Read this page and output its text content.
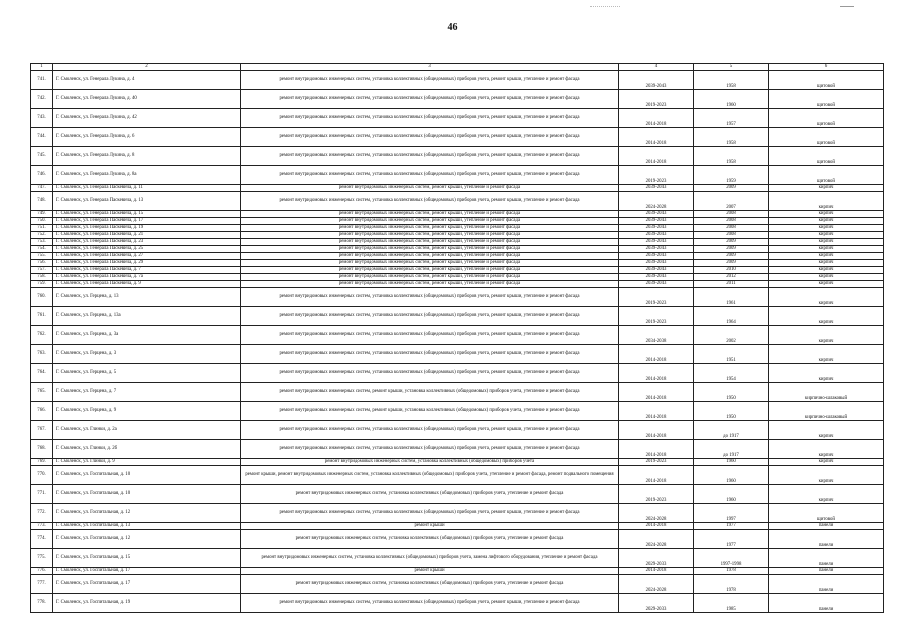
46
1	2	3	4	5	6
741.	Г. Смоленск, ул. Генерала Лукина, д. 4	ремонт внутридомовых инженерных систем, установка коллективных (общедомовых) приборов учета, ремонт крыши, утепление и ремонт фасада	2039-2043	1958	щитовой
742.	Г. Смоленск, ул. Генерала Лукина, д. 40	ремонт внутридомовых инженерных систем, установка коллективных (общедомовых) приборов учета, ремонт крыши, утепление и ремонт фасада	2019-2023	1960	щитовой
743.	Г. Смоленск, ул. Генерала Лукина, д. 42	ремонт внутридомовых инженерных систем, установка коллективных (общедомовых) приборов учета, ремонт крыши, утепление и ремонт фасада	2014-2018	1957	щитовой
744.	Г. Смоленск, ул. Генерала Лукина, д. 6	ремонт внутридомовых инженерных систем, установка коллективных (общедомовых) приборов учета, ремонт крыши, утепление и ремонт фасада	2014-2018	1958	щитовой
745.	Г. Смоленск, ул. Генерала Лукина, д. 8	ремонт внутридомовых инженерных систем, установка коллективных (общедомовых) приборов учета, ремонт крыши, утепление и ремонт фасада	2014-2018	1958	щитовой
746.	Г. Смоленск, ул. Генерала Лукина, д. 8а	ремонт внутридомовых инженерных систем, установка коллективных (общедомовых) приборов учета, ремонт крыши, утепление и ремонт фасада	2019-2023	1959	щитовой
747.	Г. Смоленск, ул. Генерала Паскевича, д. 11	ремонт внутридомовых инженерных систем, ремонт крыши, утепление и ремонт фасада	2039-2043	2009	кирпич
748.	Г. Смоленск, ул. Генерала Паскевича, д. 13	ремонт внутридомовых инженерных систем, установка коллективных (общедомовых) приборов учета, ремонт крыши, утепление и ремонт фасада	2024-2028	2007	кирпич
749.	Г. Смоленск, ул. Генерала Паскевича, д. 15	ремонт внутридомовых инженерных систем, ремонт крыши, утепление и ремонт фасада	2039-2043	2008	кирпич
750.	Г. Смоленск, ул. Генерала Паскевича, д. 17	ремонт внутридомовых инженерных систем, ремонт крыши, утепление и ремонт фасада	2039-2043	2008	кирпич
751.	Г. Смоленск, ул. Генерала Паскевича, д. 19	ремонт внутридомовых инженерных систем, ремонт крыши, утепление и ремонт фасада	2039-2043	2008	кирпич
752.	Г. Смоленск, ул. Генерала Паскевича, д. 21	ремонт внутридомовых инженерных систем, ремонт крыши, утепление и ремонт фасада	2039-2043	2008	кирпич
753.	Г. Смоленск, ул. Генерала Паскевича, д. 23	ремонт внутридомовых инженерных систем, ремонт крыши, утепление и ремонт фасада	2039-2043	2009	кирпич
754.	Г. Смоленск, ул. Генерала Паскевича, д. 25	ремонт внутридомовых инженерных систем, ремонт крыши, утепление и ремонт фасада	2039-2043	2009	кирпич
755.	Г. Смоленск, ул. Генерала Паскевича, д. 27	ремонт внутридомовых инженерных систем, ремонт крыши, утепление и ремонт фасада	2039-2043	2009	кирпич
756.	Г. Смоленск, ул. Генерала Паскевича, д. 29	ремонт внутридомовых инженерных систем, ремонт крыши, утепление и ремонт фасада	2039-2043	2009	кирпич
757.	Г. Смоленск, ул. Генерала Паскевича, д. 7	ремонт внутридомовых инженерных систем, ремонт крыши, утепление и ремонт фасада	2039-2043	2010	кирпич
758.	Г. Смоленск, ул. Генерала Паскевича, д. 7а	ремонт внутридомовых инженерных систем, ремонт крыши, утепление и ремонт фасада	2039-2043	2012	кирпич
759.	Г. Смоленск, ул. Генерала Паскевича, д. 9	ремонт внутридомовых инженерных систем, ремонт крыши, утепление и ремонт фасада	2039-2043	2011	кирпич
760.	Г. Смоленск, ул. Герцена, д. 13	ремонт внутридомовых инженерных систем, установка коллективных (общедомовых) приборов учета, ремонт крыши, утепление и ремонт фасада	2019-2023	1961	кирпич
761.	Г. Смоленск, ул. Герцена, д. 13а	ремонт внутридомовых инженерных систем, установка коллективных (общедомовых) приборов учета, ремонт крыши, утепление и ремонт фасада	2019-2023	1964	кирпич
762.	Г. Смоленск, ул. Герцена, д. 3а	ремонт внутридомовых инженерных систем, установка коллективных (общедомовых) приборов учета, ремонт крыши, утепление и ремонт фасада	2034-2038	2002	кирпич
763.	Г. Смоленск, ул. Герцена, д. 3	ремонт внутридомовых инженерных систем, установка коллективных (общедомовых) приборов учета, ремонт крыши, утепление и ремонт фасада	2014-2018	1951	кирпич
764.	Г. Смоленск, ул. Герцена, д. 5	ремонт внутридомовых инженерных систем, установка коллективных (общедомовых) приборов учета, ремонт крыши, утепление и ремонт фасада	2014-2018	1954	кирпич
765.	Г. Смоленск, ул. Герцена, д. 7	ремонт внутридомовых инженерных систем, ремонт крыши, установка коллективных (общедомовых) приборов учета, утепление и ремонт фасада	2014-2018	1950	кирпично-шлаковый
766.	Г. Смоленск, ул. Герцена, д. 9	ремонт внутридомовых инженерных систем, ремонт крыши, установка коллективных (общедомовых) приборов учета, утепление и ремонт фасада	2014-2018	1950	кирпично-шлаковый
767.	Г. Смоленск, ул. Глинки, д. 2а	ремонт внутридомовых инженерных систем, установка коллективных (общедомовых) приборов учета, ремонт крыши, утепление и ремонт фасада	2014-2018	до 1917	кирпич
768.	Г. Смоленск, ул. Глинки, д. 2б	ремонт внутридомовых инженерных систем, установка коллективных (общедомовых) приборов учета, ремонт крыши, утепление и ремонт фасада	2014-2018	до 1917	кирпич
769.	Г. Смоленск, ул. Глинки, д. 9	ремонт внутридомовых инженерных систем, установка коллективных (общедомовых) приборов учета	2019-2023	1960	кирпич
770.	Г. Смоленск, ул. Госпитальная, д. 10	ремонт крыши, ремонт внутридомовых инженерных систем, установка коллективных (общедомовых) приборов учета, утепление и ремонт фасада, ремонт подвального помещения	2014-2018	1960	кирпич
771.	Г. Смоленск, ул. Госпитальная, д. 10	ремонт внутридомовых инженерных систем, установка коллективных (общедомовых) приборов учета, утепление и ремонт фасада	2019-2023	1960	кирпич
772.	Г. Смоленск, ул. Госпитальная, д. 12	ремонт внутридомовых инженерных систем, установка коллективных (общедомовых) приборов учета, ремонт крыши, утепление и ремонт фасада	2024-2028	1997	щитовой
773.	Г. Смоленск, ул. Госпитальная, д. 13	ремонт крыши	2014-2018	1977	панели
774.	Г. Смоленск, ул. Госпитальная, д. 12	ремонт внутридомовых инженерных систем, установка коллективных (общедомовых) приборов учета, утепление и ремонт фасада	2024-2028	1977	панели
775.	Г. Смоленск, ул. Госпитальная, д. 15	ремонт внутридомовых инженерных систем, установка коллективных (общедомовых) приборов учета, замена лифтового оборудования, утепление и ремонт фасада	2029-2033	1997-1998	панели
776.	Г. Смоленск, ул. Госпитальная, д. 17	ремонт крыши	2014-2018	1978	панели
777.	Г. Смоленск, ул. Госпитальная, д. 17	ремонт внутридомовых инженерных систем, установка коллективных (общедомовых) приборов учета, утепление и ремонт фасада	2024-2028	1978	панели
778.	Г. Смоленск, ул. Госпитальная, д. 19	ремонт внутридомовых инженерных систем, установка коллективных (общедомовых) приборов учета, ремонт крыши, утепление и ремонт фасада	2029-2033	1985	панели
